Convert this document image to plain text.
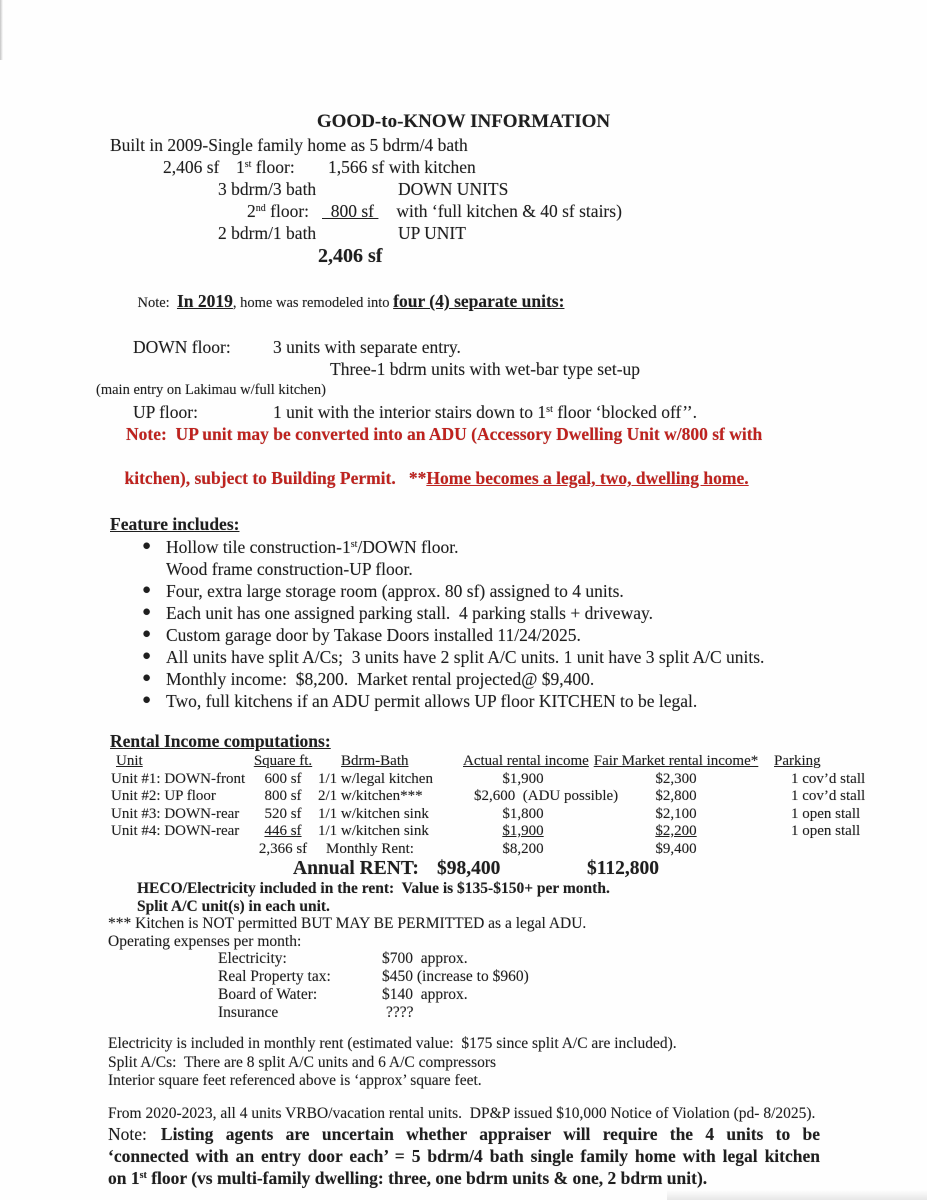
GOOD-to-KNOW INFORMATION
Built in 2009-Single family home as 5 bdrm/4 bath

2,406 sf

1st floor:

1,566 sf with kitchen

3 bdrm/3 bath

	DOWN UNITS

2nd floor:

800 sf

with ‘full kitchen & 40 sf stairs)

2 bdrm/1 bath

	UP UNIT

2,406 sf

Note:  In 2019, home was remodeled into four (4) separate units:

DOWN floor:

3 units with separate entry.

Three-1 bdrm units with wet-bar type set-up
(main entry on Lakimau w/full kitchen)

UP floor:

	1 unit with the interior stairs down to 1st floor ‘blocked off’’.

Note:  UP unit may be converted into an ADU (Accessory Dwelling Unit w/800 sf with

kitchen), subject to Building Permit.   **Home becomes a legal, two, dwelling home.

Feature includes:

●

Hollow tile construction-1st/DOWN floor.

Wood frame construction-UP floor.

●

Four, extra large storage room (approx. 80 sf) assigned to 4 units.

●

Each unit has one assigned parking stall.  4 parking stalls + driveway.

●

Custom garage door by Takase Doors installed 11/24/2025.

●

All units have split A/Cs;  3 units have 2 split A/C units. 1 unit have 3 split A/C units.

●

Monthly income:  $8,200.  Market rental projected@ $9,400.

●

Two, full kitchens if an ADU permit allows UP floor KITCHEN to be legal.

Rental Income computations:
Unit	Square ft.	Bdrm-Bath	Actual rental income	Fair Market rental income*	Parking
Unit #1: DOWN-front	600 sf	1/1 w/legal kitchen	$1,900	$2,300	1 cov’d stall
Unit #2: UP floor	800 sf	2/1 w/kitchen***	$2,600  (ADU possible)	$2,800	1 cov’d stall
Unit #3: DOWN-rear	520 sf	1/1 w/kitchen sink	$1,800	$2,100	1 open stall
Unit #4: DOWN-rear	446 sf	1/1 w/kitchen sink	$1,900	$2,200	1 open stall
	2,366 sf	Monthly Rent:	$8,200	$9,400	

Annual RENT:

$98,400

	$112,800

HECO/Electricity included in the rent:  Value is $135-$150+ per month.
Split A/C unit(s) in each unit.
*** Kitchen is NOT permitted BUT MAY BE PERMITTED as a legal ADU.
Operating expenses per month:

Electricity:

	$700  approx.

Real Property tax:

	$450 (increase to $960)

Board of Water:

	$140  approx.

Insurance

	????

Electricity is included in monthly rent (estimated value:  $175 since split A/C are included).
Split A/Cs:  There are 8 split A/C units and 6 A/C compressors
Interior square feet referenced above is ‘approx’ square feet.
From 2020-2023, all 4 units VRBO/vacation rental units.  DP&P issued $10,000 Notice of Violation (pd- 8/2025).
Note: Listing agents are uncertain whether appraiser will require the 4 units to be
‘connected with an entry door each’ = 5 bdrm/4 bath single family home with legal kitchen
on 1st floor (vs multi-family dwelling: three, one bdrm units & one, 2 bdrm unit).
